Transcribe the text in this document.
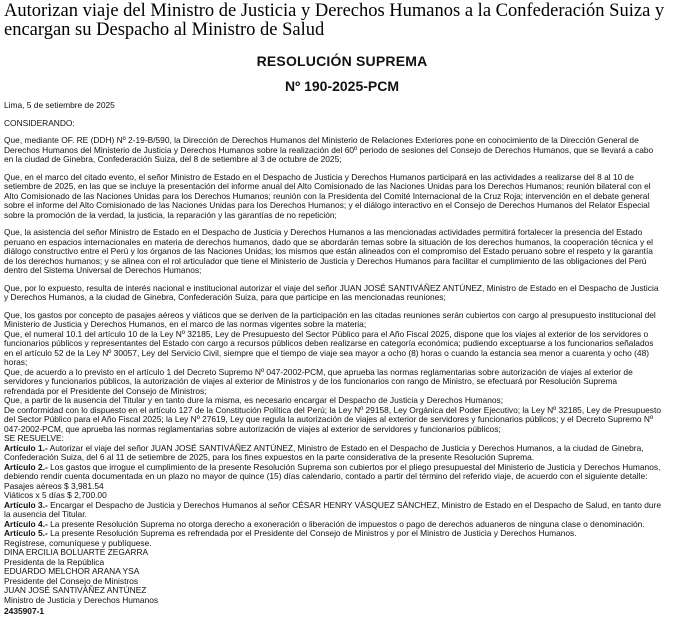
Autorizan viaje del Ministro de Justicia y Derechos Humanos a la Confederación Suiza y
encargan su Despacho al Ministro de Salud
RESOLUCIÓN SUPREMA
Nº 190-2025-PCM
Lima, 5 de setiembre de 2025
CONSIDERANDO:
Que, mediante OF. RE (DDH) Nº 2-19-B/590, la Dirección de Derechos Humanos del Ministerio de Relaciones Exteriores pone en conocimiento de la Dirección General de
Derechos Humanos del Ministerio de Justicia y Derechos Humanos sobre la realización del 60º periodo de sesiones del Consejo de Derechos Humanos, que se llevará a cabo
en la ciudad de Ginebra, Confederación Suiza, del 8 de setiembre al 3 de octubre de 2025;
Que, en el marco del citado evento, el señor Ministro de Estado en el Despacho de Justicia y Derechos Humanos participará en las actividades a realizarse del 8 al 10 de
setiembre de 2025, en las que se incluye la presentación del informe anual del Alto Comisionado de las Naciones Unidas para los Derechos Humanos; reunión bilateral con el
Alto Comisionado de las Naciones Unidas para los Derechos Humanos; reunión con la Presidenta del Comité Internacional de la Cruz Roja; intervención en el debate general
sobre el informe del Alto Comisionado de las Naciones Unidas para los Derechos Humanos; y el diálogo interactivo en el Consejo de Derechos Humanos del Relator Especial
sobre la promoción de la verdad, la justicia, la reparación y las garantías de no repetición;
Que, la asistencia del señor Ministro de Estado en el Despacho de Justicia y Derechos Humanos a las mencionadas actividades permitirá fortalecer la presencia del Estado
peruano en espacios internacionales en materia de derechos humanos, dado que se abordarán temas sobre la situación de los derechos humanos, la cooperación técnica y el
diálogo constructivo entre el Perú y los órganos de las Naciones Unidas; los mismos que están alineados con el compromiso del Estado peruano sobre el respeto y la garantía
de los derechos humanos; y se alinea con el rol articulador que tiene el Ministerio de Justicia y Derechos Humanos para facilitar el cumplimiento de las obligaciones del Perú
dentro del Sistema Universal de Derechos Humanos;
Que, por lo expuesto, resulta de interés nacional e institucional autorizar el viaje del señor JUAN JOSÉ SANTIVÁÑEZ ANTÚNEZ, Ministro de Estado en el Despacho de Justicia
y Derechos Humanos, a la ciudad de Ginebra, Confederación Suiza, para que participe en las mencionadas reuniones;
Que, los gastos por concepto de pasajes aéreos y viáticos que se deriven de la participación en las citadas reuniones serán cubiertos con cargo al presupuesto institucional del
Ministerio de Justicia y Derechos Humanos, en el marco de las normas vigentes sobre la materia;
Que, el numeral 10.1 del artículo 10 de la Ley Nº 32185, Ley de Presupuesto del Sector Público para el Año Fiscal 2025, dispone que los viajes al exterior de los servidores o
funcionarios públicos y representantes del Estado con cargo a recursos públicos deben realizarse en categoría económica; pudiendo exceptuarse a los funcionarios señalados
en el artículo 52 de la Ley Nº 30057, Ley del Servicio Civil, siempre que el tiempo de viaje sea mayor a ocho (8) horas o cuando la estancia sea menor a cuarenta y ocho (48)
horas;
Que, de acuerdo a lo previsto en el artículo 1 del Decreto Supremo Nº 047-2002-PCM, que aprueba las normas reglamentarias sobre autorización de viajes al exterior de
servidores y funcionarios públicos, la autorización de viajes al exterior de Ministros y de los funcionarios con rango de Ministro, se efectuará por Resolución Suprema
refrendada por el Presidente del Consejo de Ministros;
Que, a partir de la ausencia del Titular y en tanto dure la misma, es necesario encargar el Despacho de Justicia y Derechos Humanos;
De conformidad con lo dispuesto en el artículo 127 de la Constitución Política del Perú; la Ley Nº 29158, Ley Orgánica del Poder Ejecutivo; la Ley Nº 32185, Ley de Presupuesto
del Sector Público para el Año Fiscal 2025; la Ley Nº 27619, Ley que regula la autorización de viajes al exterior de servidores y funcionarios públicos; y el Decreto Supremo Nº
047-2002-PCM, que aprueba las normas reglamentarias sobre autorización de viajes al exterior de servidores y funcionarios públicos;
SE RESUELVE:
Artículo 1.- Autorizar el viaje del señor JUAN JOSÉ SANTIVÁÑEZ ANTÚNEZ, Ministro de Estado en el Despacho de Justicia y Derechos Humanos, a la ciudad de Ginebra,
Confederación Suiza, del 6 al 11 de setiembre de 2025, para los fines expuestos en la parte considerativa de la presente Resolución Suprema.
Artículo 2.- Los gastos que irrogue el cumplimiento de la presente Resolución Suprema son cubiertos por el pliego presupuestal del Ministerio de Justicia y Derechos Humanos,
debiendo rendir cuenta documentada en un plazo no mayor de quince (15) días calendario, contado a partir del término del referido viaje, de acuerdo con el siguiente detalle:
Pasajes aéreos $ 3,981.54
Viáticos x 5 días $ 2,700.00
Artículo 3.- Encargar el Despacho de Justicia y Derechos Humanos al señor CÉSAR HENRY VÁSQUEZ SÁNCHEZ, Ministro de Estado en el Despacho de Salud, en tanto dure
la ausencia del Titular.
Artículo 4.- La presente Resolución Suprema no otorga derecho a exoneración o liberación de impuestos o pago de derechos aduaneros de ninguna clase o denominación.
Artículo 5.- La presente Resolución Suprema es refrendada por el Presidente del Consejo de Ministros y por el Ministro de Justicia y Derechos Humanos.
Regístrese, comuníquese y publíquese.
DINA ERCILIA BOLUARTE ZEGARRA
Presidenta de la República
EDUARDO MELCHOR ARANA YSA
Presidente del Consejo de Ministros
JUAN JOSÉ SANTIVÁÑEZ ANTÚNEZ
Ministro de Justicia y Derechos Humanos
2435907-1
